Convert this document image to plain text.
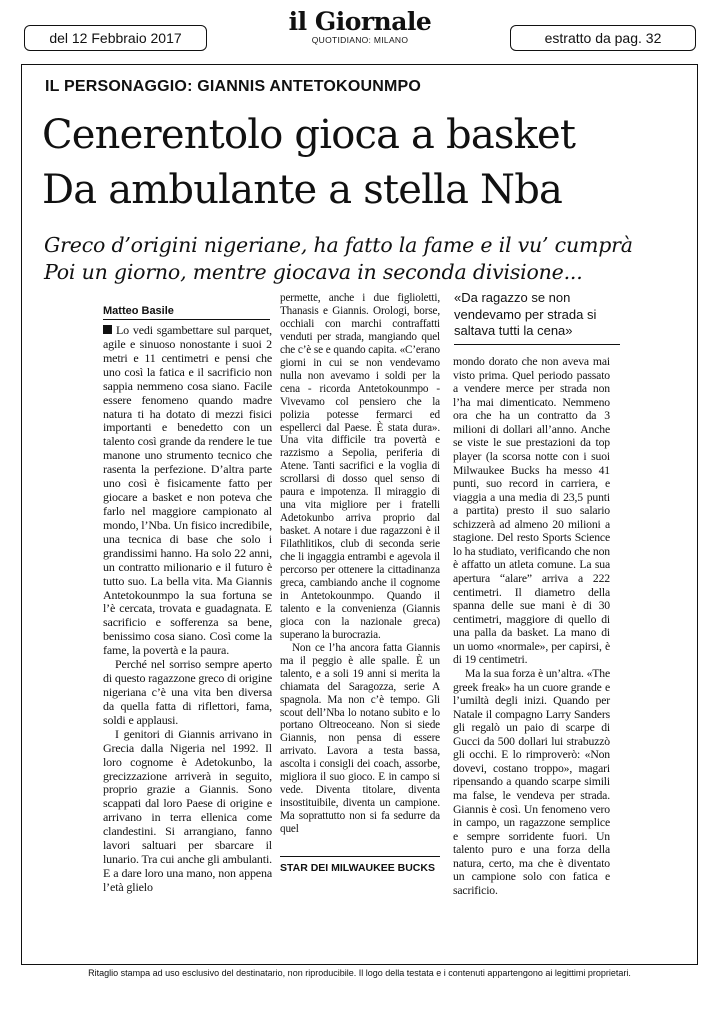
del 12 Febbraio 2017
il Giornale
QUOTIDIANO: MILANO	estratto da pag. 32
IL PERSONAGGIO: GIANNIS ANTETOKOUNMPO
Cenerentolo gioca a basket
Da ambulante a stella Nba
Greco d’origini nigeriane, ha fatto la fame e il vu’ cumprà
Poi un giorno, mentre giocava in seconda divisione...
Matteo Basile

Lo vedi sgambettare sul parquet, agile e sinuoso nonostante i suoi 2 metri e 11 centimetri e pensi che uno così la fatica e il sacrificio non sappia nemmeno cosa siano. Facile essere fenomeno quando madre natura ti ha dotato di mezzi fisici importanti e benedetto con un talento così grande da rendere le tue manone uno strumento tecnico che rasenta la perfezione. D’altra parte uno così è fisicamente fatto per giocare a basket e non poteva che farlo nel maggiore campionato al mondo, l’Nba. Un fisico incredibile, una tecnica di base che solo i grandissimi hanno. Ha solo 22 anni, un contratto milionario e il futuro è tutto suo. La bella vita. Ma Giannis Antetokounmpo la sua fortuna se l’è cercata, trovata e guadagnata. E sacrificio e sofferenza sa bene, benissimo cosa siano. Così come la fame, la povertà e la paura.

Perché nel sorriso sempre aperto di questo ragazzone greco di origine nigeriana c’è una vita ben diversa da quella fatta di riflettori, fama, soldi e applausi.

I genitori di Giannis arrivano in Grecia dalla Nigeria nel 1992. Il loro cognome è Adetokunbo, la grecizzazione arriverà in seguito, proprio grazie a Giannis. Sono scappati dal loro Paese di origine e arrivano in terra ellenica come clandestini. Si arrangiano, fanno lavori saltuari per sbarcare il lunario. Tra cui anche gli ambulanti. E a dare loro una mano, non appena l’età glielo

permette, anche i due figlioletti, Thanasis e Giannis. Orologi, borse, occhiali con marchi contraffatti venduti per strada, mangiando quel che c’è se e quando capita. «C’erano giorni in cui se non vendevamo nulla non avevamo i soldi per la cena - ricorda Antetokounmpo - Vivevamo col pensiero che la polizia potesse fermarci ed espellerci dal Paese. È stata dura». Una vita difficile tra povertà e razzismo a Sepolia, periferia di Atene. Tanti sacrifici e la voglia di scrollarsi di dosso quel senso di paura e impotenza. Il miraggio di una vita migliore per i fratelli Adetokunbo arriva proprio dal basket. A notare i due ragazzoni è il Filathlitikos, club di seconda serie che li ingaggia entrambi e agevola il percorso per ottenere la cittadinanza greca, cambiando anche il cognome in Antetokounmpo. Quando il talento e la convenienza (Giannis gioca con la nazionale greca) superano la burocrazia.

Non ce l’ha ancora fatta Giannis ma il peggio è alle spalle. È un talento, e a soli 19 anni si merita la chiamata del Saragozza, serie A spagnola. Ma non c’è tempo. Gli scout dell’Nba lo notano subito e lo portano Oltreoceano. Non si siede Giannis, non pensa di essere arrivato. Lavora a testa bassa, ascolta i consigli dei coach, assorbe, migliora il suo gioco. E in campo si vede. Diventa titolare, diventa insostituibile, diventa un campione. Ma soprattutto non si fa sedurre da quel

STAR DEI MILWAUKEE BUCKS
«Da ragazzo se non vendevamo per strada si saltava tutti la cena»

mondo dorato che non aveva mai visto prima. Quel periodo passato a vendere merce per strada non l’ha mai dimenticato. Nemmeno ora che ha un contratto da 3 milioni di dollari all’anno. Anche se viste le sue prestazioni da top player (la scorsa notte con i suoi Milwaukee Bucks ha messo 41 punti, suo record in carriera, e viaggia a una media di 23,5 punti a partita) presto il suo salario schizzerà ad almeno 20 milioni a stagione. Del resto Sports Science lo ha studiato, verificando che non è affatto un atleta comune. La sua apertura “alare” arriva a 222 centimetri. Il diametro della spanna delle sue mani è di 30 centimetri, maggiore di quello di una palla da basket. La mano di un uomo «normale», per capirsi, è di 19 centimetri.

Ma la sua forza è un’altra. «The greek freak» ha un cuore grande e l’umiltà degli inizi. Quando per Natale il compagno Larry Sanders gli regalò un paio di scarpe di Gucci da 500 dollari lui strabuzzò gli occhi. E lo rimproverò: «Non dovevi, costano troppo», magari ripensando a quando scarpe simili ma false, le vendeva per strada. Giannis è così. Un fenomeno vero in campo, un ragazzone semplice e sempre sorridente fuori. Un talento puro e una forza della natura, certo, ma che è diventato un campione solo con fatica e sacrificio.

Ritaglio stampa ad uso esclusivo del destinatario, non riproducibile. Il logo della testata e i contenuti appartengono ai legittimi proprietari.
